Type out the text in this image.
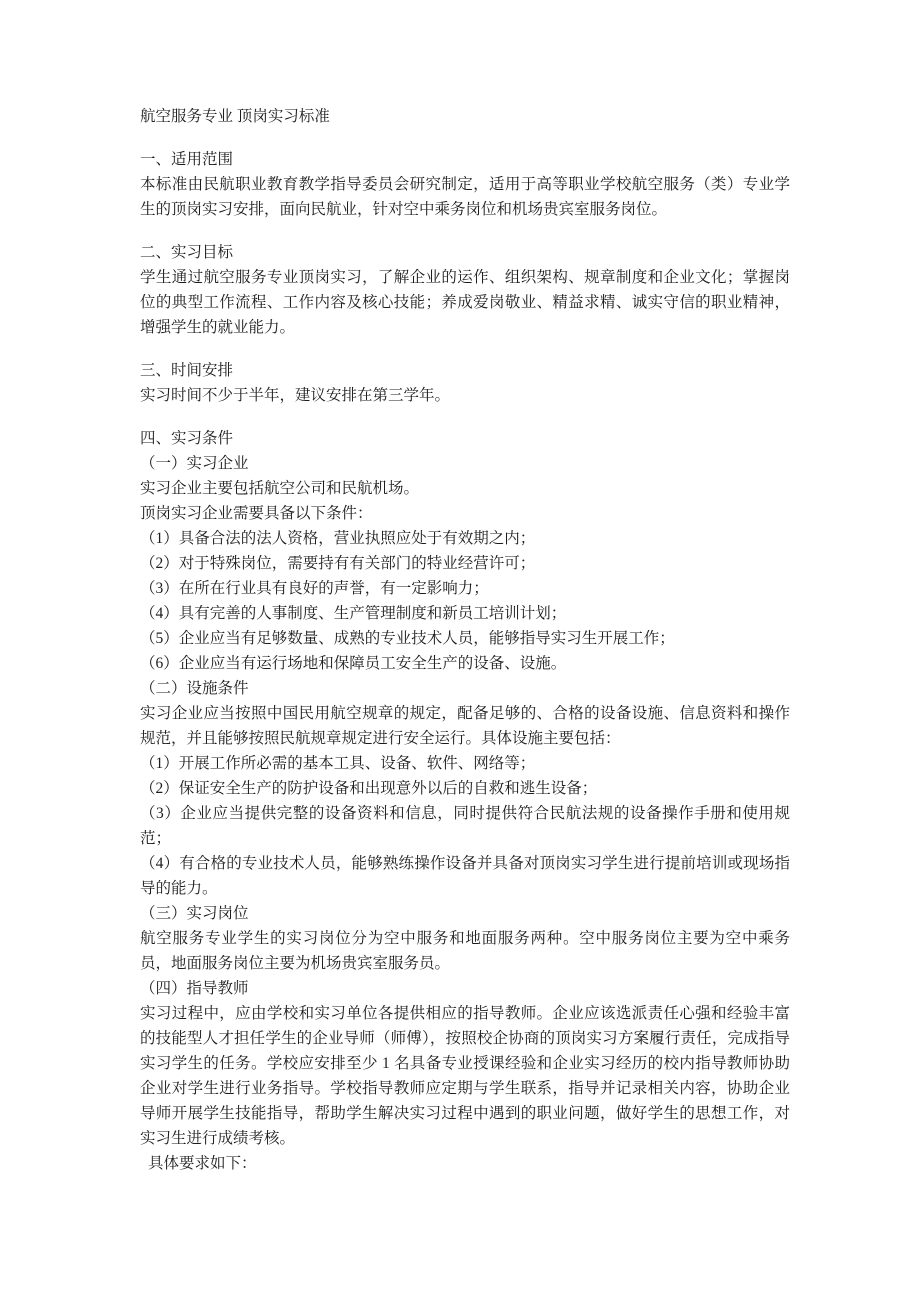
航空服务专业 顶岗实习标准

一、适用范围

本标准由民航职业教育教学指导委员会研究制定，适用于高等职业学校航空服务（类）专业学生的顶岗实习安排，面向民航业，针对空中乘务岗位和机场贵宾室服务岗位。

二、实习目标

学生通过航空服务专业顶岗实习，了解企业的运作、组织架构、规章制度和企业文化；掌握岗位的典型工作流程、工作内容及核心技能；养成爱岗敬业、精益求精、诚实守信的职业精神，增强学生的就业能力。

三、时间安排

实习时间不少于半年，建议安排在第三学年。

四、实习条件

（一）实习企业

实习企业主要包括航空公司和民航机场。

顶岗实习企业需要具备以下条件：

（1）具备合法的法人资格，营业执照应处于有效期之内；

（2）对于特殊岗位，需要持有有关部门的特业经营许可；

（3）在所在行业具有良好的声誉，有一定影响力；

（4）具有完善的人事制度、生产管理制度和新员工培训计划；

（5）企业应当有足够数量、成熟的专业技术人员，能够指导实习生开展工作；

（6）企业应当有运行场地和保障员工安全生产的设备、设施。

（二）设施条件

实习企业应当按照中国民用航空规章的规定，配备足够的、合格的设备设施、信息资料和操作规范，并且能够按照民航规章规定进行安全运行。具体设施主要包括：

（1）开展工作所必需的基本工具、设备、软件、网络等；

（2）保证安全生产的防护设备和出现意外以后的自救和逃生设备；

（3）企业应当提供完整的设备资料和信息，同时提供符合民航法规的设备操作手册和使用规范；

（4）有合格的专业技术人员，能够熟练操作设备并具备对顶岗实习学生进行提前培训或现场指导的能力。

（三）实习岗位

航空服务专业学生的实习岗位分为空中服务和地面服务两种。空中服务岗位主要为空中乘务员，地面服务岗位主要为机场贵宾室服务员。

（四）指导教师

实习过程中，应由学校和实习单位各提供相应的指导教师。企业应该选派责任心强和经验丰富的技能型人才担任学生的企业导师（师傅），按照校企协商的顶岗实习方案履行责任，完成指导实习学生的任务。学校应安排至少 1 名具备专业授课经验和企业实习经历的校内指导教师协助企业对学生进行业务指导。学校指导教师应定期与学生联系，指导并记录相关内容，协助企业导师开展学生技能指导，帮助学生解决实习过程中遇到的职业问题，做好学生的思想工作，对实习生进行成绩考核。

具体要求如下：
